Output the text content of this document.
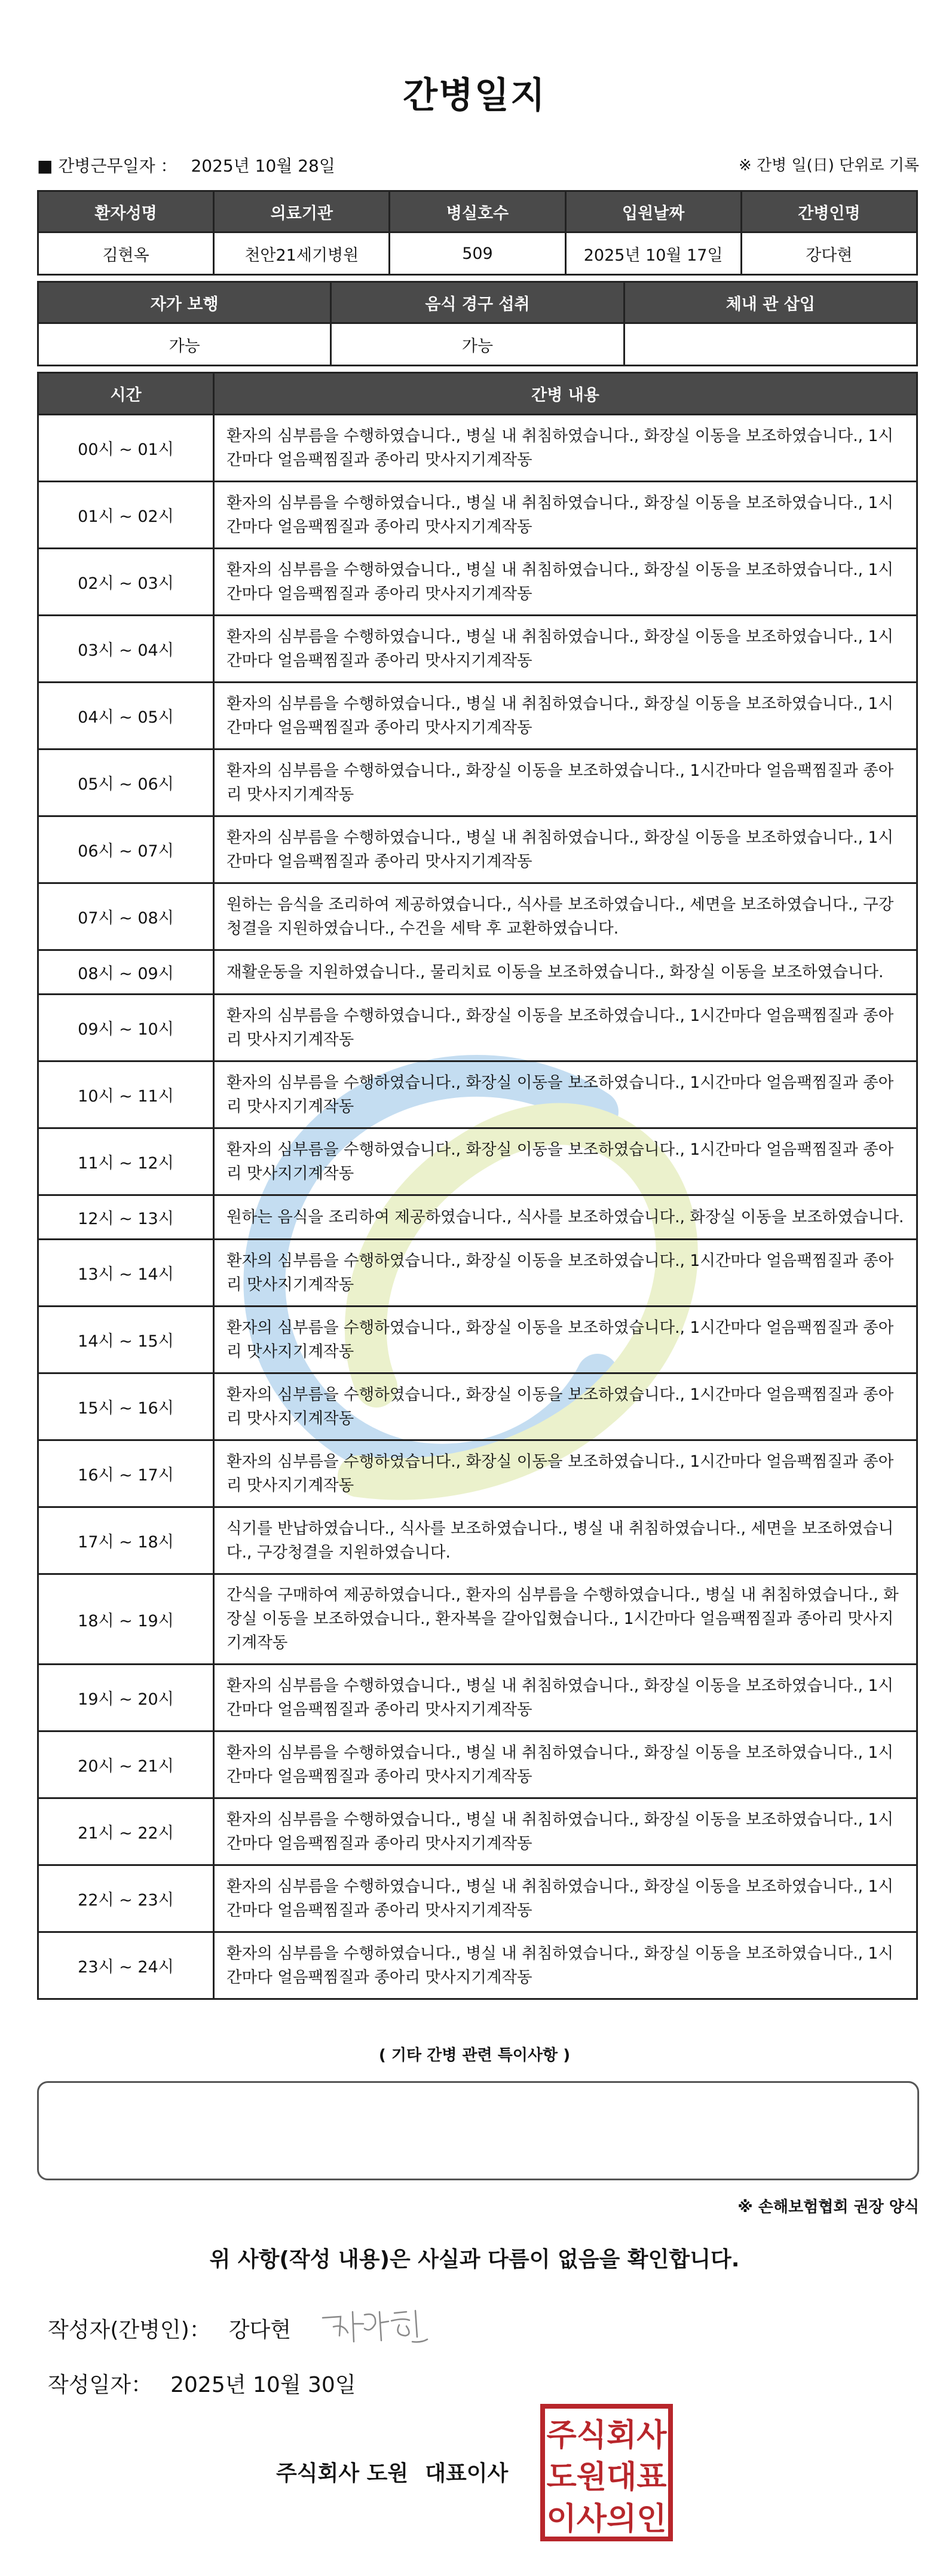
간병일지
■ 간병근무일자 ： 2025년 10월 28일	※ 간병 일(日) 단위로 기록
환자성명	의료기관	병실호수	입원날짜	간병인명
김현옥	천안21세기병원	509	2025년 10월 17일	강다현
자가 보행	음식 경구 섭취	체내 관 삽입
가능	가능	
시간	간병 내용
00시 ~ 01시	환자의 심부름을 수행하였습니다., 병실 내 취침하였습니다., 화장실 이동을 보조하였습니다., 1시간마다 얼음팩찜질과 종아리 맛사지기계작동
01시 ~ 02시	환자의 심부름을 수행하였습니다., 병실 내 취침하였습니다., 화장실 이동을 보조하였습니다., 1시간마다 얼음팩찜질과 종아리 맛사지기계작동
02시 ~ 03시	환자의 심부름을 수행하였습니다., 병실 내 취침하였습니다., 화장실 이동을 보조하였습니다., 1시간마다 얼음팩찜질과 종아리 맛사지기계작동
03시 ~ 04시	환자의 심부름을 수행하였습니다., 병실 내 취침하였습니다., 화장실 이동을 보조하였습니다., 1시간마다 얼음팩찜질과 종아리 맛사지기계작동
04시 ~ 05시	환자의 심부름을 수행하였습니다., 병실 내 취침하였습니다., 화장실 이동을 보조하였습니다., 1시간마다 얼음팩찜질과 종아리 맛사지기계작동
05시 ~ 06시	환자의 심부름을 수행하였습니다., 화장실 이동을 보조하였습니다., 1시간마다 얼음팩찜질과 종아리 맛사지기계작동
06시 ~ 07시	환자의 심부름을 수행하였습니다., 병실 내 취침하였습니다., 화장실 이동을 보조하였습니다., 1시간마다 얼음팩찜질과 종아리 맛사지기계작동
07시 ~ 08시	원하는 음식을 조리하여 제공하였습니다., 식사를 보조하였습니다., 세면을 보조하였습니다., 구강청결을 지원하였습니다., 수건을 세탁 후 교환하였습니다.
08시 ~ 09시	재활운동을 지원하였습니다., 물리치료 이동을 보조하였습니다., 화장실 이동을 보조하였습니다.
09시 ~ 10시	환자의 심부름을 수행하였습니다., 화장실 이동을 보조하였습니다., 1시간마다 얼음팩찜질과 종아리 맛사지기계작동
10시 ~ 11시	환자의 심부름을 수행하였습니다., 화장실 이동을 보조하였습니다., 1시간마다 얼음팩찜질과 종아리 맛사지기계작동
11시 ~ 12시	환자의 심부름을 수행하였습니다., 화장실 이동을 보조하였습니다., 1시간마다 얼음팩찜질과 종아리 맛사지기계작동
12시 ~ 13시	원하는 음식을 조리하여 제공하였습니다., 식사를 보조하였습니다., 화장실 이동을 보조하였습니다.
13시 ~ 14시	환자의 심부름을 수행하였습니다., 화장실 이동을 보조하였습니다., 1시간마다 얼음팩찜질과 종아리 맛사지기계작동
14시 ~ 15시	환자의 심부름을 수행하였습니다., 화장실 이동을 보조하였습니다., 1시간마다 얼음팩찜질과 종아리 맛사지기계작동
15시 ~ 16시	환자의 심부름을 수행하였습니다., 화장실 이동을 보조하였습니다., 1시간마다 얼음팩찜질과 종아리 맛사지기계작동
16시 ~ 17시	환자의 심부름을 수행하였습니다., 화장실 이동을 보조하였습니다., 1시간마다 얼음팩찜질과 종아리 맛사지기계작동
17시 ~ 18시	식기를 반납하였습니다., 식사를 보조하였습니다., 병실 내 취침하였습니다., 세면을 보조하였습니다., 구강청결을 지원하였습니다.
18시 ~ 19시	간식을 구매하여 제공하였습니다., 환자의 심부름을 수행하였습니다., 병실 내 취침하였습니다., 화장실 이동을 보조하였습니다., 환자복을 갈아입혔습니다., 1시간마다 얼음팩찜질과 종아리 맛사지기계작동
19시 ~ 20시	환자의 심부름을 수행하였습니다., 병실 내 취침하였습니다., 화장실 이동을 보조하였습니다., 1시간마다 얼음팩찜질과 종아리 맛사지기계작동
20시 ~ 21시	환자의 심부름을 수행하였습니다., 병실 내 취침하였습니다., 화장실 이동을 보조하였습니다., 1시간마다 얼음팩찜질과 종아리 맛사지기계작동
21시 ~ 22시	환자의 심부름을 수행하였습니다., 병실 내 취침하였습니다., 화장실 이동을 보조하였습니다., 1시간마다 얼음팩찜질과 종아리 맛사지기계작동
22시 ~ 23시	환자의 심부름을 수행하였습니다., 병실 내 취침하였습니다., 화장실 이동을 보조하였습니다., 1시간마다 얼음팩찜질과 종아리 맛사지기계작동
23시 ~ 24시	환자의 심부름을 수행하였습니다., 병실 내 취침하였습니다., 화장실 이동을 보조하였습니다., 1시간마다 얼음팩찜질과 종아리 맛사지기계작동
( 기타 간병 관련 특이사항 )
※ 손해보험협회 권장 양식
위 사항(작성 내용)은 사실과 다름이 없음을 확인합니다.
작성자(간병인)： 강다현
작성일자： 2025년 10월 30일
주식회사 도원 대표이사
주식회사
도원대표
이사의인
